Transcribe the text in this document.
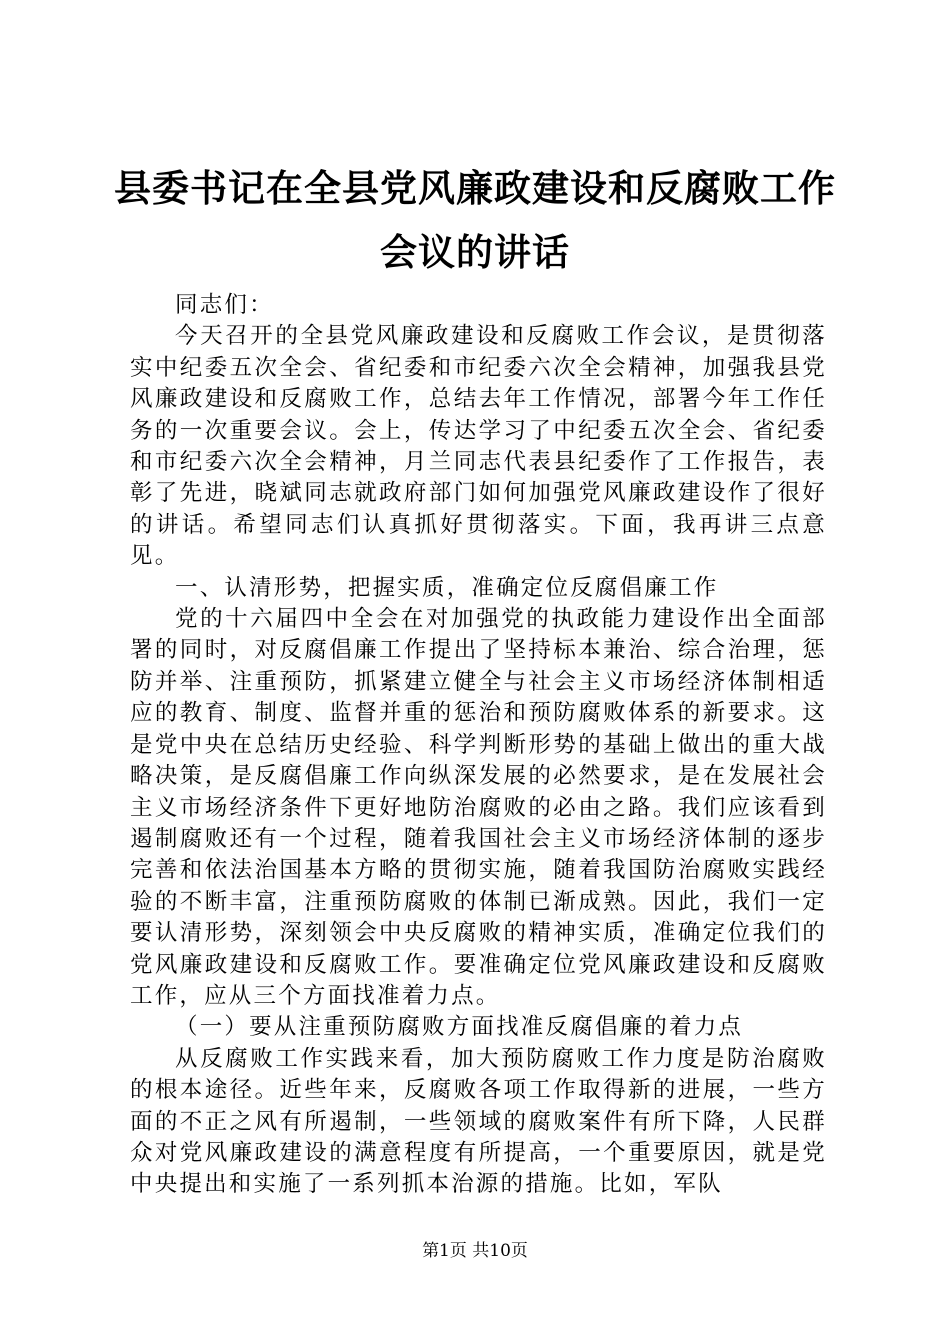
县委书记在全县党风廉政建设和反腐败工作会议的讲话

同志们：

今天召开的全县党风廉政建设和反腐败工作会议，是贯彻落实中纪委五次全会、省纪委和市纪委六次全会精神，加强我县党风廉政建设和反腐败工作，总结去年工作情况，部署今年工作任务的一次重要会议。会上，传达学习了中纪委五次全会、省纪委和市纪委六次全会精神，月兰同志代表县纪委作了工作报告，表彰了先进，晓斌同志就政府部门如何加强党风廉政建设作了很好的讲话。希望同志们认真抓好贯彻落实。下面，我再讲三点意见。

一、认清形势，把握实质，准确定位反腐倡廉工作

党的十六届四中全会在对加强党的执政能力建设作出全面部署的同时，对反腐倡廉工作提出了坚持标本兼治、综合治理，惩防并举、注重预防，抓紧建立健全与社会主义市场经济体制相适应的教育、制度、监督并重的惩治和预防腐败体系的新要求。这是党中央在总结历史经验、科学判断形势的基础上做出的重大战略决策，是反腐倡廉工作向纵深发展的必然要求，是在发展社会主义市场经济条件下更好地防治腐败的必由之路。我们应该看到遏制腐败还有一个过程，随着我国社会主义市场经济体制的逐步完善和依法治国基本方略的贯彻实施，随着我国防治腐败实践经验的不断丰富，注重预防腐败的体制已渐成熟。因此，我们一定要认清形势，深刻领会中央反腐败的精神实质，准确定位我们的党风廉政建设和反腐败工作。要准确定位党风廉政建设和反腐败工作，应从三个方面找准着力点。

（一）要从注重预防腐败方面找准反腐倡廉的着力点

从反腐败工作实践来看，加大预防腐败工作力度是防治腐败的根本途径。近些年来，反腐败各项工作取得新的进展，一些方面的不正之风有所遏制，一些领域的腐败案件有所下降，人民群众对党风廉政建设的满意程度有所提高，一个重要原因，就是党中央提出和实施了一系列抓本治源的措施。比如，军队

第1页 共10页
